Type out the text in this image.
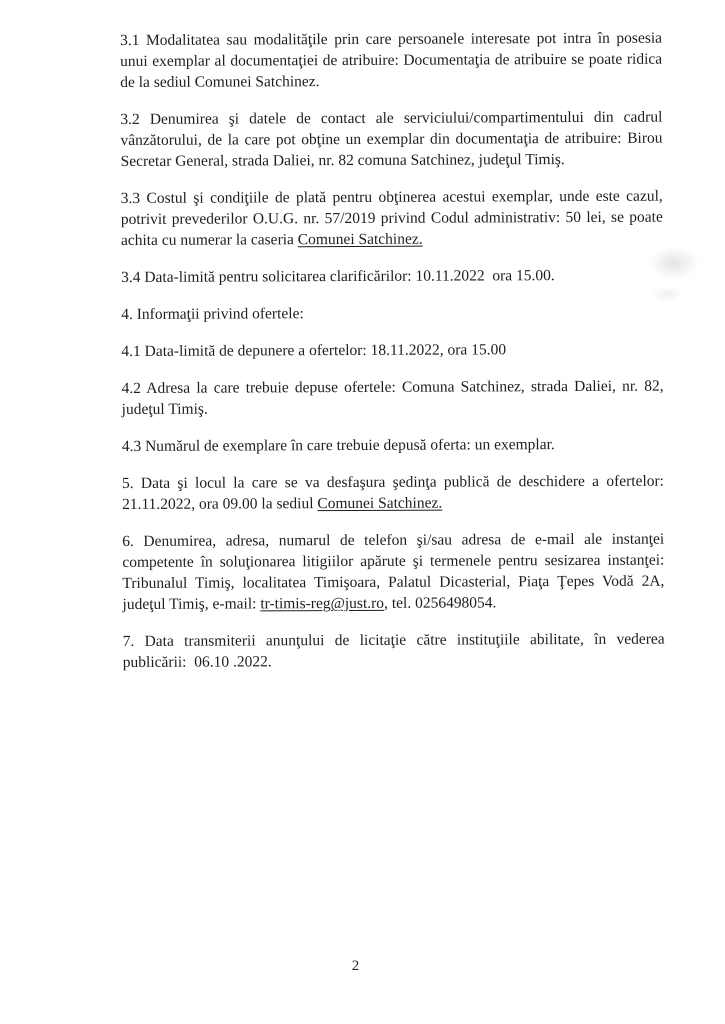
3.1 Modalitatea sau modalităţile prin care persoanele interesate pot intra în posesia unui exemplar al documentaţiei de atribuire: Documentaţia de atribuire se poate ridica de la sediul Comunei Satchinez.

3.2 Denumirea şi datele de contact ale serviciului/compartimentului din cadrul vânzătorului, de la care pot obţine un exemplar din documentaţia de atribuire: Birou Secretar General, strada Daliei, nr. 82 comuna Satchinez, judeţul Timiş.

3.3 Costul şi condiţiile de plată pentru obţinerea acestui exemplar, unde este cazul, potrivit prevederilor O.U.G. nr. 57/2019 privind Codul administrativ: 50 lei, se poate achita cu numerar la caseria Comunei Satchinez.

3.4 Data-limită pentru solicitarea clarificărilor: 10.11.2022  ora 15.00.

4. Informaţii privind ofertele:

4.1 Data-limită de depunere a ofertelor: 18.11.2022, ora 15.00

4.2 Adresa la care trebuie depuse ofertele: Comuna Satchinez, strada Daliei, nr. 82,  judeţul Timiş.

4.3 Numărul de exemplare în care trebuie depusă oferta: un exemplar.

5. Data şi locul la care se va desfaşura şedinţa publică de deschidere a ofertelor: 21.11.2022, ora 09.00 la sediul Comunei Satchinez.

6. Denumirea, adresa, numarul de telefon şi/sau adresa de e-mail ale instanţei competente în soluţionarea litigiilor apărute şi termenele pentru sesizarea instanţei: Tribunalul Timiş, localitatea Timişoara, Palatul Dicasterial, Piaţa Ţepes Vodă 2A, judeţul Timiş, e-mail: tr-timis-reg@just.ro, tel. 0256498054.

7. Data transmiterii anunţului de licitaţie către instituţiile abilitate, în vederea publicării:  06.10 .2022.

2
